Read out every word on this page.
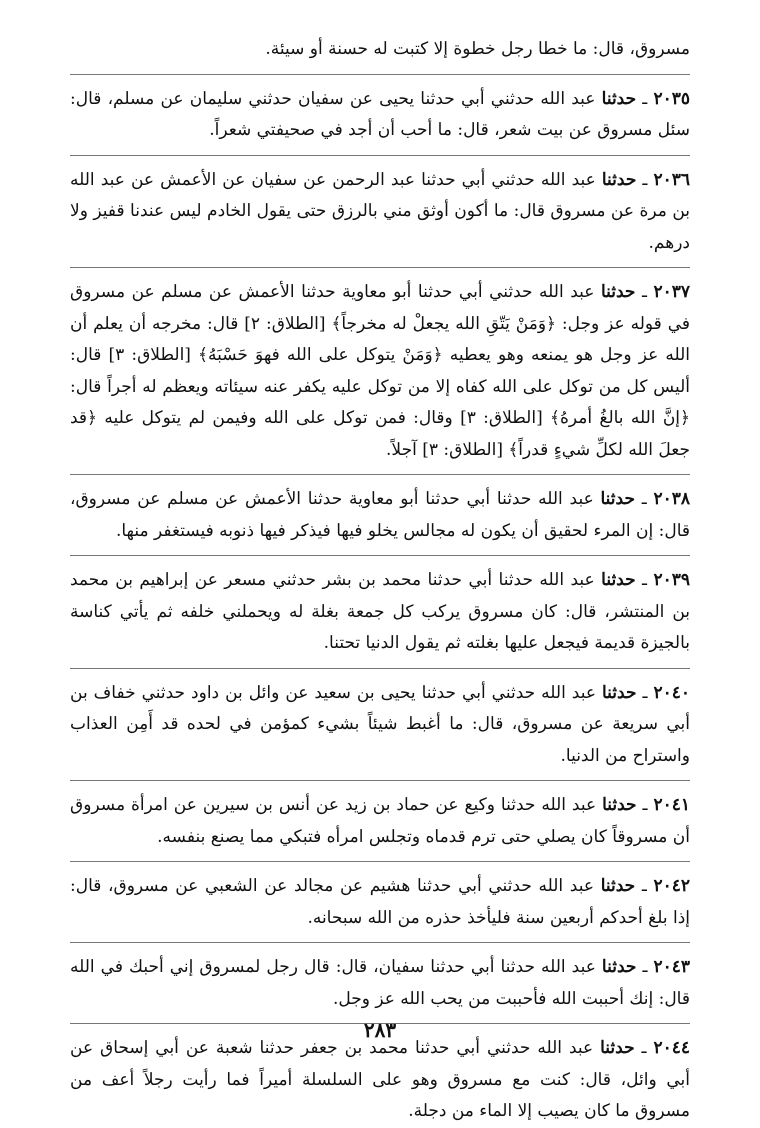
مسروق، قال: ما خطا رجل خطوة إلا كتبت له حسنة أو سيئة.

٢٠٣٥ ـ حدثنا عبد الله حدثني أبي حدثنا يحيى عن سفيان حدثني سليمان عن مسلم، قال: سئل مسروق عن بيت شعر، قال: ما أحب أن أجد في صحيفتي شعراً.

٢٠٣٦ ـ حدثنا عبد الله حدثني أبي حدثنا عبد الرحمن عن سفيان عن الأعمش عن عبد الله بن مرة عن مسروق قال: ما أكون أوثق مني بالرزق حتى يقول الخادم ليس عندنا قفيز ولا درهم.

٢٠٣٧ ـ حدثنا عبد الله حدثني أبي حدثنا أبو معاوية حدثنا الأعمش عن مسلم عن مسروق في قوله عز وجل: ﴿وَمَنْ يَتّقِ الله يجعلْ له مخرجاً﴾ [الطلاق: ٢] قال: مخرجه أن يعلم أن الله عز وجل هو يمنعه وهو يعطيه ﴿وَمَنْ يتوكل على الله فهوَ حَسْبَهُ﴾ [الطلاق: ٣] قال: أليس كل من توكل على الله كفاه إلا من توكل عليه يكفر عنه سيئاته ويعظم له أجراً قال: ﴿إنَّ الله بالغُ أمرهُ﴾ [الطلاق: ٣] وقال: فمن توكل على الله وفيمن لم يتوكل عليه ﴿قد جعلَ الله لكلِّ شيءٍ قدراً﴾ [الطلاق: ٣] آجلاً.

٢٠٣٨ ـ حدثنا عبد الله حدثنا أبي حدثنا أبو معاوية حدثنا الأعمش عن مسلم عن مسروق، قال: إن المرء لحقيق أن يكون له مجالس يخلو فيها فيذكر فيها ذنوبه فيستغفر منها.

٢٠٣٩ ـ حدثنا عبد الله حدثنا أبي حدثنا محمد بن بشر حدثني مسعر عن إبراهيم بن محمد بن المنتشر، قال: كان مسروق يركب كل جمعة بغلة له ويحملني خلفه ثم يأتي كناسة بالجيزة قديمة فيجعل عليها بغلته ثم يقول الدنيا تحتنا.

٢٠٤٠ ـ حدثنا عبد الله حدثني أبي حدثنا يحيى بن سعيد عن وائل بن داود حدثني خفاف بن أبي سريعة عن مسروق، قال: ما أغبط شيئاً بشيء كمؤمن في لحده قد أَمِن العذاب واستراح من الدنيا.

٢٠٤١ ـ حدثنا عبد الله حدثنا وكيع عن حماد بن زيد عن أنس بن سيرين عن امرأة مسروق أن مسروقاً كان يصلي حتى ترم قدماه وتجلس امرأه فتبكي مما يصنع بنفسه.

٢٠٤٢ ـ حدثنا عبد الله حدثني أبي حدثنا هشيم عن مجالد عن الشعبي عن مسروق، قال: إذا بلغ أحدكم أربعين سنة فليأخذ حذره من الله سبحانه.

٢٠٤٣ ـ حدثنا عبد الله حدثنا أبي حدثنا سفيان، قال: قال رجل لمسروق إني أحبك في الله قال: إنك أحببت الله فأحببت من يحب الله عز وجل.

٢٠٤٤ ـ حدثنا عبد الله حدثني أبي حدثنا محمد بن جعفر حدثنا شعبة عن أبي إسحاق عن أبي وائل، قال: كنت مع مسروق وهو على السلسلة أميراً فما رأيت رجلاً أعف من مسروق ما كان يصيب إلا الماء من دجلة.

٢٨٣
